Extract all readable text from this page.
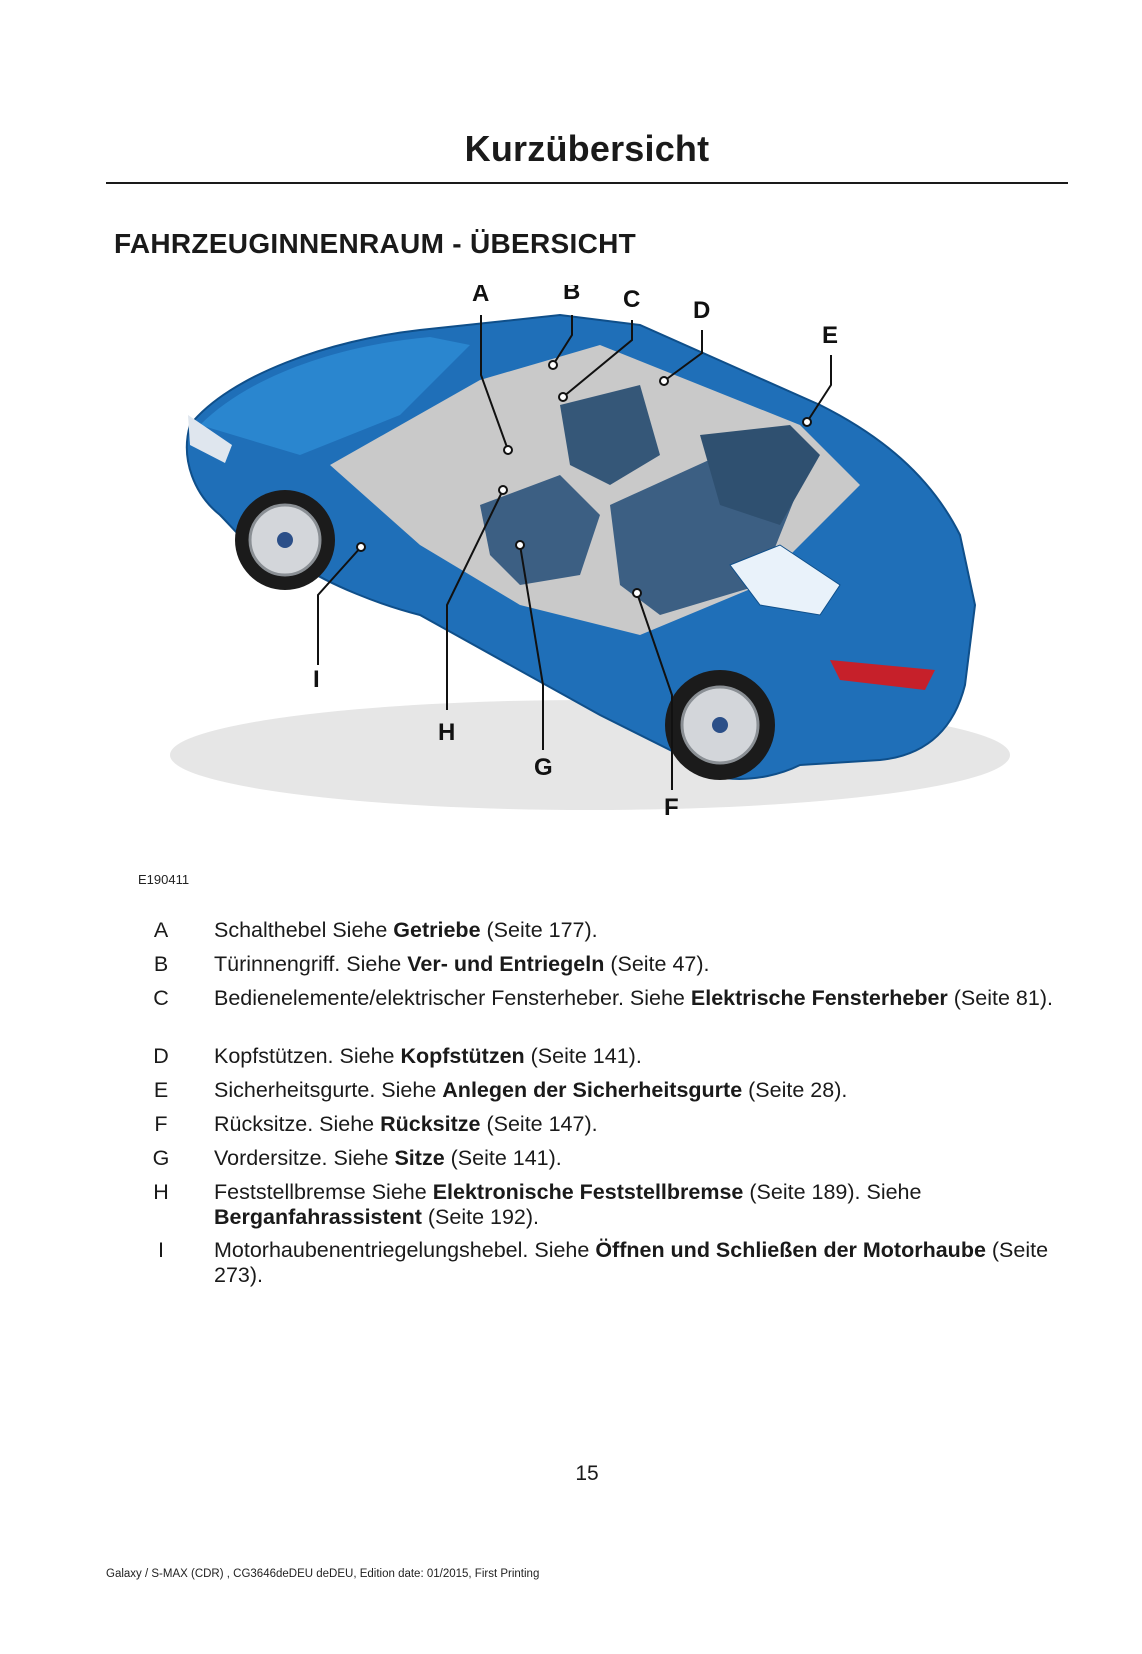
Kurzübersicht
FAHRZEUGINNENRAUM - ÜBERSICHT
A	B C D
E
F
G
H
I
E190411
A Schalthebel Siehe Getriebe (Seite 177).
B Türinnengriff. Siehe Ver- und Entriegeln (Seite 47).
C Bedienelemente/elektrischer Fensterheber. Siehe Elektrische Fensterheber (Seite 81).
D Kopfstützen. Siehe Kopfstützen (Seite 141).
E Sicherheitsgurte. Siehe Anlegen der Sicherheitsgurte (Seite 28).
F Rücksitze. Siehe Rücksitze (Seite 147).
G Vordersitze. Siehe Sitze (Seite 141).
H Feststellbremse Siehe Elektronische Feststellbremse (Seite 189). Siehe Berganfahrassistent (Seite 192).
I	Motorhaubenentriegelungshebel. Siehe Öffnen und Schließen der Motorhaube (Seite 273).
15
Galaxy / S-MAX (CDR) , CG3646deDEU deDEU, Edition date: 01/2015, First Printing
